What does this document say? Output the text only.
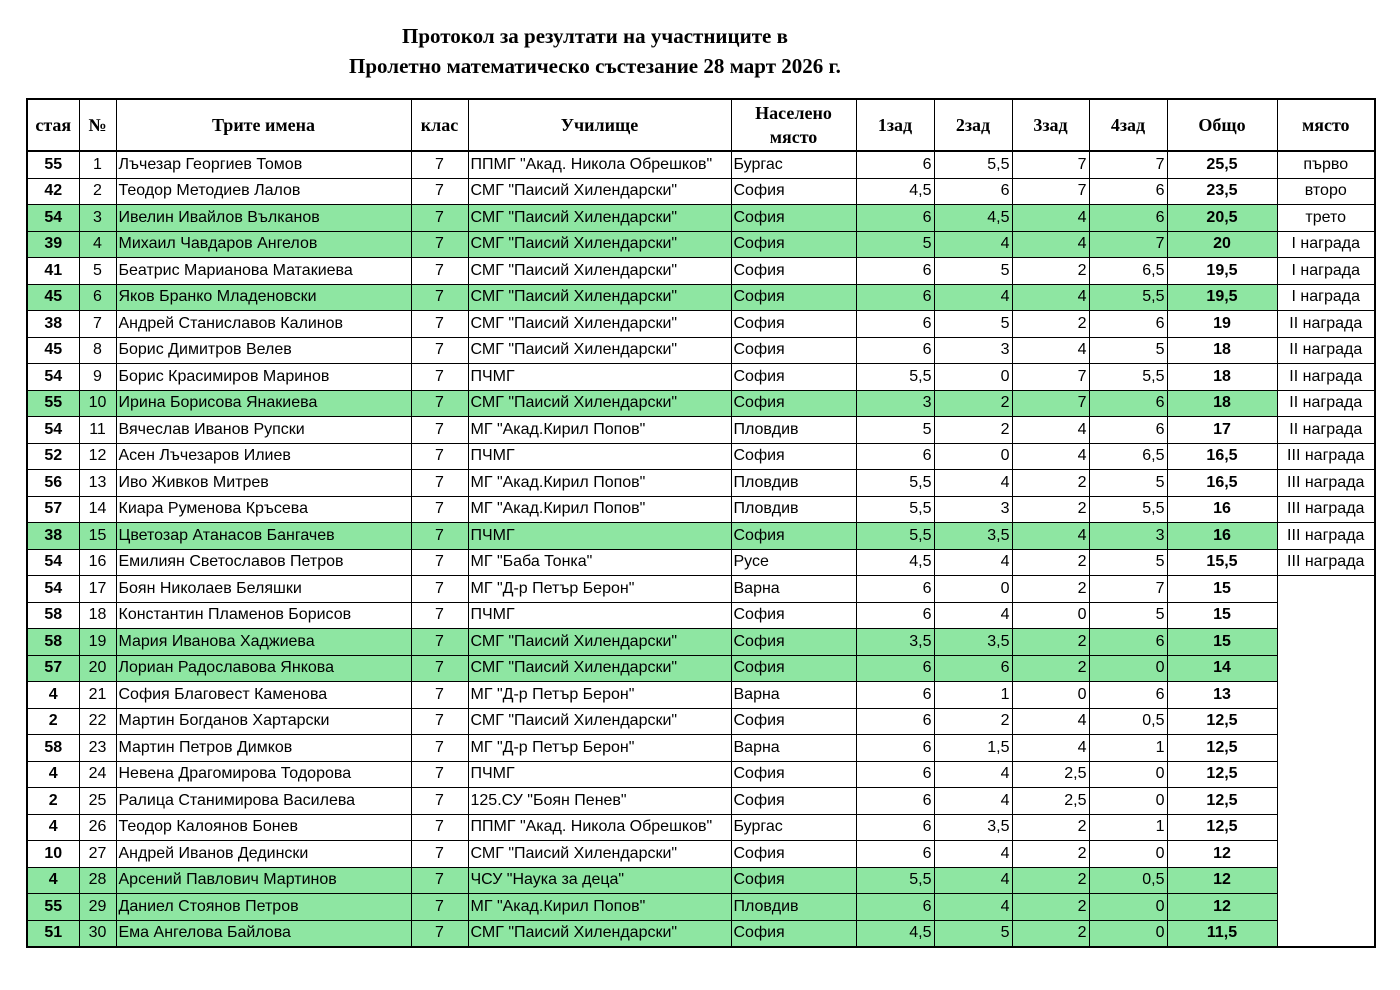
Протокол за резултати на участниците в
Пролетно математическо състезание 28 март 2026 г.
стая	№	Трите имена	клас	Училище	Населено място	1зад	2зад	3зад	4зад	Общо	място
55	1	Лъчезар Георгиев Томов	7	ППМГ "Акад. Никола Обрешков"	Бургас	6	5,5	7	7	25,5	първо
42	2	Теодор Методиев Лалов	7	СМГ "Паисий Хилендарски"	София	4,5	6	7	6	23,5	второ
54	3	Ивелин Ивайлов Вълканов	7	СМГ "Паисий Хилендарски"	София	6	4,5	4	6	20,5	трето
39	4	Михаил Чавдаров Ангелов	7	СМГ "Паисий Хилендарски"	София	5	4	4	7	20	I награда
41	5	Беатрис Марианова Матакиева	7	СМГ "Паисий Хилендарски"	София	6	5	2	6,5	19,5	I награда
45	6	Яков Бранко Младеновски	7	СМГ "Паисий Хилендарски"	София	6	4	4	5,5	19,5	I награда
38	7	Андрей Станиславов Калинов	7	СМГ "Паисий Хилендарски"	София	6	5	2	6	19	II награда
45	8	Борис Димитров Велев	7	СМГ "Паисий Хилендарски"	София	6	3	4	5	18	II награда
54	9	Борис Красимиров Маринов	7	ПЧМГ	София	5,5	0	7	5,5	18	II награда
55	10	Ирина Борисова Янакиева	7	СМГ "Паисий Хилендарски"	София	3	2	7	6	18	II награда
54	11	Вячеслав Иванов Рупски	7	МГ "Акад.Кирил Попов"	Пловдив	5	2	4	6	17	II награда
52	12	Асен Лъчезаров Илиев	7	ПЧМГ	София	6	0	4	6,5	16,5	III награда
56	13	Иво Живков Митрев	7	МГ "Акад.Кирил Попов"	Пловдив	5,5	4	2	5	16,5	III награда
57	14	Киара Руменова Кръсева	7	МГ "Акад.Кирил Попов"	Пловдив	5,5	3	2	5,5	16	III награда
38	15	Цветозар Атанасов Бангачев	7	ПЧМГ	София	5,5	3,5	4	3	16	III награда
54	16	Емилиян Светославов Петров	7	МГ "Баба Тонка"	Русе	4,5	4	2	5	15,5	III награда
54	17	Боян Николаев Беляшки	7	МГ "Д-р Петър Берон"	Варна	6	0	2	7	15	
58	18	Константин Пламенов Борисов	7	ПЧМГ	София	6	4	0	5	15	
58	19	Мария Иванова Хаджиева	7	СМГ "Паисий Хилендарски"	София	3,5	3,5	2	6	15	
57	20	Лориан Радославова Янкова	7	СМГ "Паисий Хилендарски"	София	6	6	2	0	14	
4	21	София Благовест Каменова	7	МГ "Д-р Петър Берон"	Варна	6	1	0	6	13	
2	22	Мартин Богданов Хартарски	7	СМГ "Паисий Хилендарски"	София	6	2	4	0,5	12,5	
58	23	Мартин Петров Димков	7	МГ "Д-р Петър Берон"	Варна	6	1,5	4	1	12,5	
4	24	Невена Драгомирова Тодорова	7	ПЧМГ	София	6	4	2,5	0	12,5	
2	25	Ралица Станимирова Василева	7	125.СУ "Боян Пенев"	София	6	4	2,5	0	12,5	
4	26	Теодор Калоянов Бонев	7	ППМГ "Акад. Никола Обрешков"	Бургас	6	3,5	2	1	12,5	
10	27	Андрей Иванов Дедински	7	СМГ "Паисий Хилендарски"	София	6	4	2	0	12	
4	28	Арсений Павлович Мартинов	7	ЧСУ "Наука за деца"	София	5,5	4	2	0,5	12	
55	29	Даниел Стоянов Петров	7	МГ "Акад.Кирил Попов"	Пловдив	6	4	2	0	12	
51	30	Ема Ангелова Байлова	7	СМГ "Паисий Хилендарски"	София	4,5	5	2	0	11,5	
